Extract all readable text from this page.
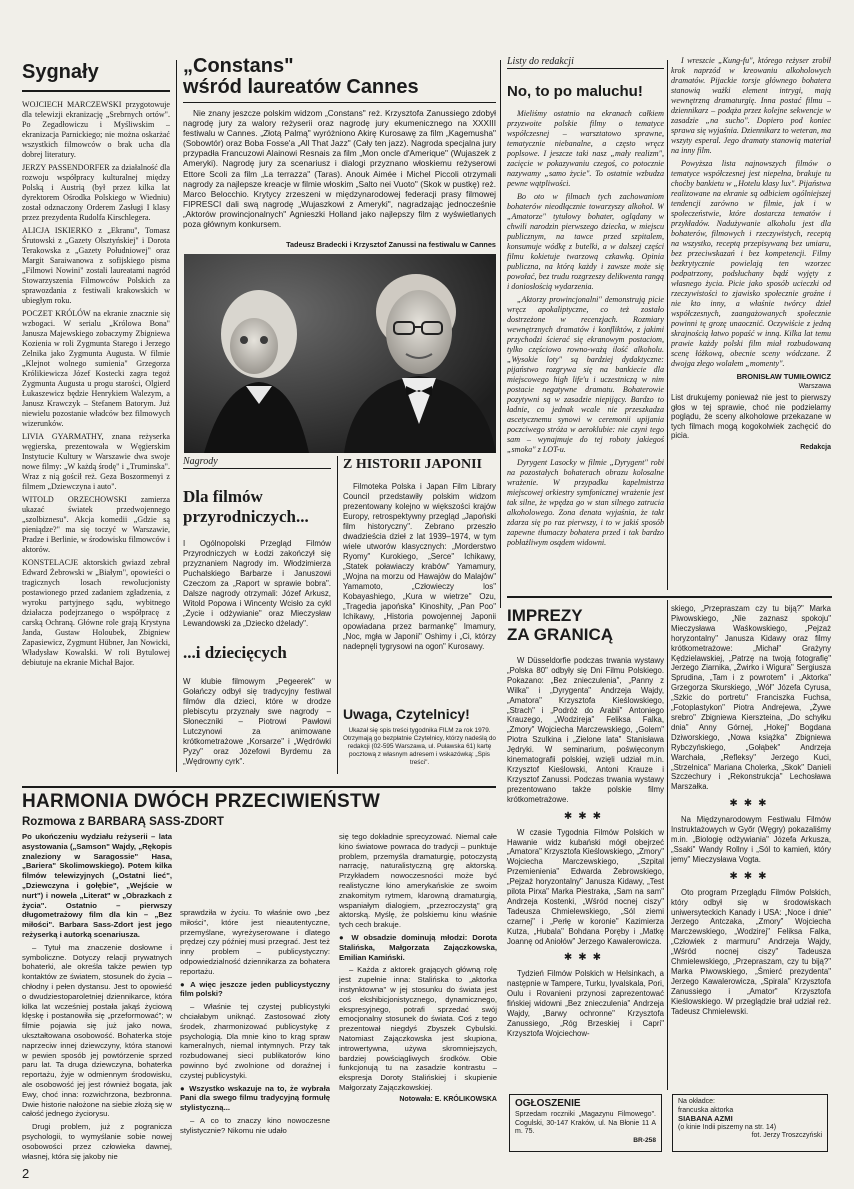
Sygnały

WOJCIECH MARCZEWSKI przygotowuje dla telewizji ekranizację „Srebrnych ortów". Po Zegadłowiczu i Myśliwskim – ekranizacja Parnickiego; nie można oskarżać wszystkich filmowców o brak ucha dla dobrej literatury.

JERZY PASSENDORFER za działalność dla rozwoju współpracy kulturalnej między Polską i Austrią (był przez kilka lat dyrektorem Ośrodka Polskiego w Wiedniu) został odznaczony Orderem Zasługi I klasy przez prezydenta Rudolfa Kirschlegera.

ALICJA ISKIERKO z „Ekranu", Tomasz Śrutowski z „Gazety Olsztyńskiej" i Dorota Terakowska z „Gazety Południowej" oraz Margit Saraiwanowa z sofijskiego pisma „Filmowi Nowini" zostali laureatami nagród Stowarzyszenia Filmowców Polskich za sprawozdania z festiwali krakowskich w ubiegłym roku.

POCZET KRÓLÓW na ekranie znacznie się wzbogaci. W serialu „Królowa Bona" Janusza Majewskiego zobaczymy Zbigniewa Kozienia w roli Zygmunta Starego i Jerzego Zelnika jako Zygmunta Augusta. W filmie „Klejnot wolnego sumienia" Grzegorza Królikiewicza Józef Kostecki zagra tegoż Zygmunta Augusta u progu starości, Olgierd Łukaszewicz będzie Henrykiem Walezym, a Janusz Krawczyk – Stefanem Batorym. Już niewielu pozostanie władców bez filmowych wizerunków.

LIVIA GYARMATHY, znana reżyserka węgierska, prezentowała w Węgierskim Instytucie Kultury w Warszawie dwa swoje nowe filmy: „W każdą środę" i „Truminska". Wraz z nią gościł reż. Geza Boszormenyi z filmem „Dziewczyna i auto".

WITOLD ORZECHOWSKI zamierza ukazać światek przedwojennego „szolbiznesu". Akcja komedii „Gdzie są pieniądze?" ma się toczyć w Warszawie, Pradze i Berlinie, w środowisku filmowców i aktorów.

KONSTELACJE aktorskich gwiazd zebrał Edward Żebrowski w „Białym", opowieści o tragicznych losach rewolucjonisty postawionego przed zadaniem zgładzenia, z wyroku partyjnego sądu, wybitnego działacza podejrzanego o współpracę z carską Ochraną. Główne role grają Krystyna Janda, Gustaw Holoubek, Zbigniew Zapasiewicz, Zygmunt Hübner, Jan Nowicki, Władysław Kowalski. W roli Bytulowej debiutuje na ekranie Michał Bajor.

„Constans"
wśród laureatów Cannes

Nie znany jeszcze polskim widzom „Constans" reż. Krzysztofa Zanussiego zdobył nagrodę jury za walory reżyserii oraz nagrodę jury ekumenicznego na XXXIII festiwalu w Cannes. „Złotą Palmą" wyróżniono Akirę Kurosawę za film „Kagemusha" (Sobowtór) oraz Boba Fosse'a „All That Jazz" (Cały ten jazz). Nagroda specjalna jury przypadła Francuzowi Alainowi Resnais za film „Mon oncle d'Amerique" (Wujaszek z Ameryki). Nagrodę jury za scenariusz i dialogi przyznano włoskiemu reżyserowi Ettore Scoli za film „La terrazza" (Taras). Anouk Aimée i Michel Piccoli otrzymali nagrody za najlepsze kreacje w filmie włoskim „Salto nei Vuoto" (Skok w pustkę) reż. Marco Belocchio. Krytycy zrzeszeni w międzynarodowej federacji prasy filmowej FIPRESCI dali swą nagrodę „Wujaszkowi z Ameryki", nagradzając jednocześnie „Aktorów prowincjonalnych" Agnieszki Holland jako najlepszy film z wyświetlanych poza głównym konkursem.

Tadeusz Bradecki i Krzysztof Zanussi na festiwalu w Cannes
Nagrody
Dla filmów przyrodniczych...

I Ogólnopolski Przegląd Filmów Przyrodniczych w Łodzi zakończył się przyznaniem Nagrody im. Włodzimierza Puchalskiego Barbarze i Januszowi Czeczom za „Raport w sprawie bobra". Dalsze nagrody otrzymali: Józef Arkusz, Witold Popowa i Wincenty Wcisło za cykl „Życie i odżywianie" oraz Mieczysław Lewandowski za „Dziecko dżelady".

...i dziecięcych

W klubie filmowym „Pegeerek" w Gołańczy odbył się tradycyjny festiwal filmów dla dzieci, które w drodze plebiscytu przyznały swe nagrody – Słoneczniki – Piotrowi Pawłowi Lutczynowi za animowane krótkometrażowe „Korsarze" i „Wędrówki Pyzy" oraz Józefowi Byrdemu za „Wędrowny cyrk".

Z HISTORII JAPONII

Filmoteka Polska i Japan Film Library Council przedstawiły polskim widzom prezentowany kolejno w większości krajów Europy, retrospektywny przegląd „Japoński film historyczny". Zebrano przeszło dwadzieścia dzieł z lat 1939–1974, w tym wiele utworów klasycznych: „Morderstwo Ryomy" Kurokiego, „Serce" Ichikawy, „Statek poławiaczy krabów" Yamamury, „Wojna na morzu od Hawajów do Malajów" Yamamoto, „Człowieczy los" Kobayashiego, „Kura w wietrze" Ozu, „Tragedia japońska" Kinoshity, „Pan Poo" Ichikawy, „Historia powojennej Japonii opowiadana przez barmankę" Imamury, „Noc, mgła w Japonii" Oshimy i „Ci, którzy nadepnęli tygrysowi na ogon" Kurosawy.

Uwaga, Czytelnicy!

Ukazał się spis treści tygodnika FILM za rok 1979. Otrzymają go bezpłatnie Czytelnicy, którzy nadeślą do redakcji (02-595 Warszawa, ul. Puławska 61) kartę pocztową z własnym adresem i wskazówką: „Spis treści".

Listy do redakcji
No, to po maluchu!

Mieliśmy ostatnio na ekranach całkiem przyzwoite polskie filmy o tematyce współczesnej – warsztatowo sprawne, tematycznie niebanalne, a często wręcz poplsowe. I jeszcze taki nasz „mały realizm", zacięcie w pokazywaniu czegoś, co potocznie nazywamy „samo życie". To ostatnie wzbudza pewne wątpliwości.

Bo oto w filmach tych zachowaniom bohaterów nieodłącznie towarzyszy alkohol. W „Amatorze" tytułowy bohater, oglądany w chwili narodzin pierwszego dziecka, w miejscu publicznym, na tawce przed szpitalem, konsumuje wódkę z butelki, a w dalszej części filmu kokietuje twarzową czkawką. Opinia publiczna, na którą każdy i zawsze może się powołać, bez trudu rozgrzeszy delikwenta rangą i doniosłością wydarzenia.

„Aktorzy prowincjonalni" demonstrują picie wręcz apokaliptyczne, co też zostało dostrzeżone w recenzjach. Rozmiary wewnętrznych dramatów i konfliktów, z jakimi przychodzi ścierać się ekranowym postaciom, tylko częściowo rowno-ważą ilość alkoholu. „Wysokie loty" są bardziej dydaktyczne: pijaństwo rozgrywa się na bankiecie dla miejscowego high life'u i uczestniczą w nim postacie negatywne dramatu. Bohaterowie pozytywni są w zasadzie niepijący. Bardzo to ładnie, co jednak wcale nie przeszkadza ascetycznemu synowi w ceremonii upijania poczciwego stróża w aeroklubie: nie czyni tego sam – wynajmuje do tej roboty jakiegoś „smoka" z LOT-u.

Dyrygent Lasocky w filmie „Dyrygent" robi na pozostałych bohaterach obrazu kolosalne wrażenie. W przypadku kapelmistrza miejscowej orkiestry symfonicznej wrażenie jest tak silne, że wpędza go w stan silnego zatrucia alkoholowego. Zona denata wyjaśnia, że takt zdarza się po raz pierwszy, i to w jakiś sposób zapewne tłumaczy bohatera przed i tak bardzo pobłażliwym osądem widowni.

I wreszcie „Kung-fu", którego reżyser zrobił krok naprzód w kreowaniu alkoholowych dramatów. Pijackie torsje głównego bohatera stanowią ważki element intrygi, mają wewnętrzną dramaturgię. Inna postać filmu – dziennikarz – podąża przez kolejne sekwencje w zasadzie „na sucho". Dopiero pod koniec sprawa się wyjaśnia. Dziennikarz to weteran, ma wszyty esperal. Jego dramaty stanowią materiał na inny film.

Powyższa lista najnowszych filmów o tematyce współczesnej jest niepełna, brakuje tu choćby bankietu w „Hotelu klasy lux". Pijaństwa realizowane na ekranie są odbiciem ogólniejszej tendencji zarówno w filmie, jak i w społeczeństwie, które dostarcza tematów i przykładów. Nadużywanie alkoholu jest dla bohaterów, filmowych i rzeczywistych, receptą na wszystko, receptą przepisywaną bez umiaru, bez przeciwskazań i bez kompetencji. Filmy bezkrytycznie powielają ten wzorzec podpatrzony, podsłuchany bądź wyjęty z własnego życia. Picie jako sposób ucieczki od rzeczywistości to zjawisko społecznie groźne i nie kto inny, a właśnie twórcy dzieł współczesnych, zaangażowanych społecznie powinni tę grozę unaocznić. Oczywiście z jedną skrajnością łatwo popaść w inną. Kilka lat temu prawie każdy polski film miał rozbudowaną scenę łóżkową, obecnie sceny wódczane. Z dwojga złego wolałem „momenty".

BRONISŁAW TUMIŁOWICZ
Warszawa

List drukujemy ponieważ nie jest to pierwszy głos w tej sprawie, choć nie podzielamy poglądu, że sceny alkoholowe przekazane w tych filmach mogą kogokolwiek zachęcić do picia.

Redakcja
IMPREZY
ZA GRANICĄ

W Düsseldorfie podczas trwania wystawy „Polska 80" odbyły się Dni Filmu Polskiego. Pokazano: „Bez znieczulenia", „Panny z Wilka" i „Dyrygenta" Andrzeja Wajdy, „Amatora" Krzysztofa Kieślowskiego, „Strach" i „Podróż do Arabii" Antoniego Krauzego, „Wodzireja" Feliksa Falka, „Zmory" Wojciecha Marczewskiego, „Golem" Piotra Szulkina i „Zielone lata" Stanisława Jędryki. W seminarium, poświęconym kinematografii polskiej, wzięli udział m.in. Krzysztof Kieślowski, Antoni Krauze i Krzysztof Zanussi. Podczas trwania wystawy prezentowano także polskie filmy krótkometrażowe.

✱✱✱

W czasie Tygodnia Filmów Polskich w Hawanie widz kubański mógł obejrzeć „Amatora" Krzysztofa Kieślowskiego, „Zmory" Wojciecha Marczewskiego, „Szpital Przemienienia" Edwarda Żebrowskiego, „Pejzaż horyzontalny" Janusza Kidawy, „Test pilota Pirxa" Marka Piestraka, „Sam na sam" Andrzeja Kostenki, „Wśród nocnej ciszy" Tadeusza Chmielewskiego, „Sól ziemi czarnej" i „Perłę w koronie" Kazimierza Kutza, „Hubala" Bohdana Poręby i „Matkę Joannę od Aniołów" Jerzego Kawalerowicza.

✱✱✱

Tydzień Filmów Polskich w Helsinkach, a następnie w Tampere, Turku, Iyvalskala, Pori, Oulu i Rovanieni przynosi zaprezentować fińskiej widowni „Bez znieczulenia" Andrzeja Wajdy, „Barwy ochronne" Krzysztofa Zanussiego, „Róg Brzeskiej i Capri" Krzysztofa Wojciechow-

skiego, „Przepraszam czy tu biją?" Marka Piwowskiego, „Nie zaznasz spokoju" Mieczysława Waśkowskiego, „Pejzaż horyzontalny" Janusza Kidawy oraz filmy krótkometrażowe: „Michał" Grażyny Kędzielawskiej, „Patrzę na twoją fotografię" Jerzego Ziarnika, „Żwirko i Wigura" Sergiusza Sprudina, „Tam i z powrotem" i „Aktorka" Grzegorza Skurskiego, „Wół" Józefa Cyrusa, „Szkic do portretu" Franciszka Fuchsa, „Fotoplastykon" Piotra Andrejewa, „Żywe srebro" Zbigniewa Kierszteina, „Do schyłku dnia" Anny Górnej, „Hokej" Bogdana Dziworskiego, „Nowa książka" Zbigniewa Rybczyńskiego, „Gołąbek" Andrzeja Warchała, „Refleksy" Jerzego Kuci, „Strzelnica" Mariana Cholerka, „Skok" Danieli Szczechury i „Rekonstrukcja" Lechosława Marszałka.

✱✱✱

Na Międzynarodowym Festiwalu Filmów Instruktażowych w Győr (Węgry) pokazaliśmy m.in. „Biologię odżywiania" Józefa Arkusza, „Ssaki" Wandy Rollny i „Sól to kamień, który jemy" Mieczysława Vogta.

✱✱✱

Oto program Przeglądu Filmów Polskich, który odbył się w środowiskach uniwersyteckich Kanady i USA: „Noce i dnie" Jerzego Antczaka, „Zmory" Wojciecha Marczewskiego, „Wodzirej" Feliksa Falka, „Człowiek z marmuru" Andrzeja Wajdy, „Wśród nocnej ciszy" Tadeusza Chmielewskiego, „Przepraszam, czy tu biją?" Marka Piwowskiego, „Śmierć prezydenta" Jerzego Kawalerowicza, „Spirala" Krzysztofa Zanussiego i „Amator" Krzysztofa Kieślowskiego. W przeglądzie brał udział reż. Tadeusz Chmielewski.

HARMONIA DWÓCH PRZECIWIEŃSTW
Rozmowa z BARBARĄ SASS-ZDORT

Po ukończeniu wydziału reżyserii – lata asystowania („Samson" Wajdy, „Rękopis znaleziony w Saragossie" Hasa, „Bariera" Skolimowskiego). Potem kilka filmów telewizyjnych („Ostatni lieć", „Dziewczyna i gołębie", „Wejście w nurt") i nowela „Literat" w „Obrazkach z życia". Ostatnio – pierwszy długometrażowy film dla kin – „Bez miłości". Barbara Sass-Zdort jest jego reżyserką i autorką scenariusza.

– Tytuł ma znaczenie dosłowne i symboliczne. Dotyczy relacji prywatnych bohaterki, ale określa także pewien typ kontaktów ze światem, stosunek do życia – chłodny i pełen dystansu. Jest to opowieść o dwudziestoparoletniej dziennikarce, która kilka lat wcześniej postała jakąś życiową klęskę i postanowiła się „przeformować"; w filmie pojawia się już jako nowa, ukształtowana osobowość. Bohaterka stoje naprzeciw innej dziewczyny, która stanowi w pewien sposób jej powtórzenie sprzed paru lat. Ta druga dziewczyna, bohaterka reportażu, żyje w odmiennym środowisku, ale osobowość jej jest również bogata, jak Ewy, choć inna: rozwichrzona, bezbronna. Dwie historie nałożone na siebie złożą się w całość jednego życiorysu.

Drugi problem, już z pogranicza psychologii, to wymyślanie sobie nowej osobowości przez człowieka dawnej, własnej, która się jakoby nie

sprawdziła w życiu. To właśnie owo „bez miłości", które jest nieautentyczne, przemyślane, wyreżyserowane i dlatego prędzej czy później musi przegrać. Jest też inny problem – publicystyczny: odpowiedzialność dziennikarza za bohatera reportażu.

● A więc jeszcze jeden publicystyczny film polski?

– Właśnie tej czystej publicystyki chciałabym uniknąć. Zastosować złoty środek, zharmonizować publicystykę z psychologią. Dla mnie kino to krąg spraw kameralnych, niemal intymnych. Przy tak rozbudowanej sieci publikatorów kino powinno być zwolnione od doraźnej i czystej publicystyki.

● Wszystko wskazuje na to, że wybrała Pani dla swego filmu tradycyjną formułę stylistyczną...

– A co to znaczy kino nowoczesne stylistycznie? Nikomu nie udało

się tego dokładnie sprecyzować. Niemal całe kino światowe powraca do tradycji – punktuje problem, przemyśla dramaturgię, potoczystą narrację, naturalistyczną grę aktorską. Przykładem nowoczesności może być realistyczne kino amerykańskie ze swoim znakomitym rytmem, klarowną dramaturgią, wspaniałym dialogiem, „przezroczystą" grą aktorską. Myślę, że polskiemu kinu właśnie tych cech brakuje.

● W obsadzie dominują młodzi: Dorota Stalińska, Małgorzata Zajączkowska, Emilian Kamiński.

– Każda z aktorek grających główną rolę jest zupełnie inna: Stalińska to „aktorka instynktowna" w jej stosunku do świata jest coś ekshibicjonistycznego, dynamicznego, ekspresyjnego, potrafi sprzedać swój emocjonalny stosunek do świata. Coś z tego prezentował niegdyś Zbyszek Cybulski. Natomiast Zajączkowska jest skupiona, introwertywna, używa skromniejszych, bardziej powściągliwych środków. Obie funkcjonują tu na zasadzie kontrastu – ekspresja Doroty Stalińskiej i skupienie Małgorzaty Zajączkowskiej.

Notowała: E. KRÓLIKOWSKA OGŁOSZENIE

Sprzedam roczniki „Magazynu Filmowego". Cogulski, 30-147 Kraków, ul. Na Błonie 11 A m. 75.

BR-258
Na okładce:
francuska aktorka
SIABANA AZMI
(o kinie Indii piszemy na str. 14)
fot. Jerzy Troszczyński
2
